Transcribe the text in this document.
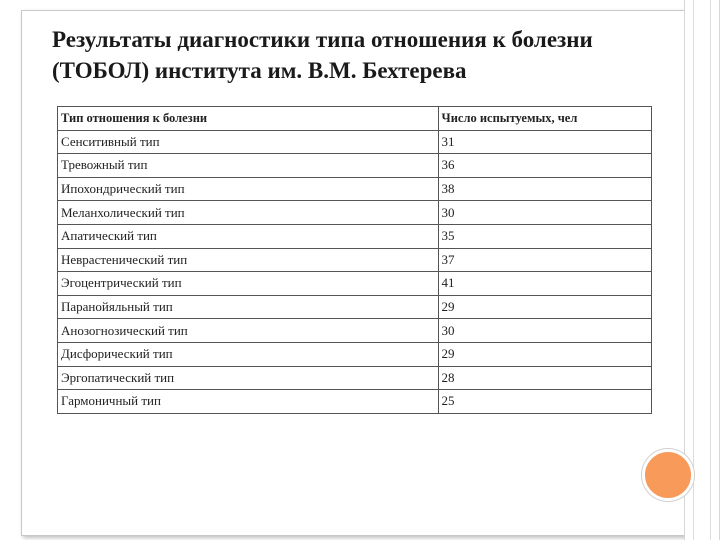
Результаты диагностики типа отношения к болезни
(ТОБОЛ) института им. В.М. Бехтерева
Тип отношения к болезни	Число испытуемых, чел
Сенситивный тип	31
Тревожный тип	36
Ипохондрический тип	38
Меланхолический тип	30
Апатический тип	35
Неврастенический тип	37
Эгоцентрический тип	41
Паранойяльный тип	29
Анозогнозический тип	30
Дисфорический тип	29
Эргопатический тип	28
Гармоничный тип	25
